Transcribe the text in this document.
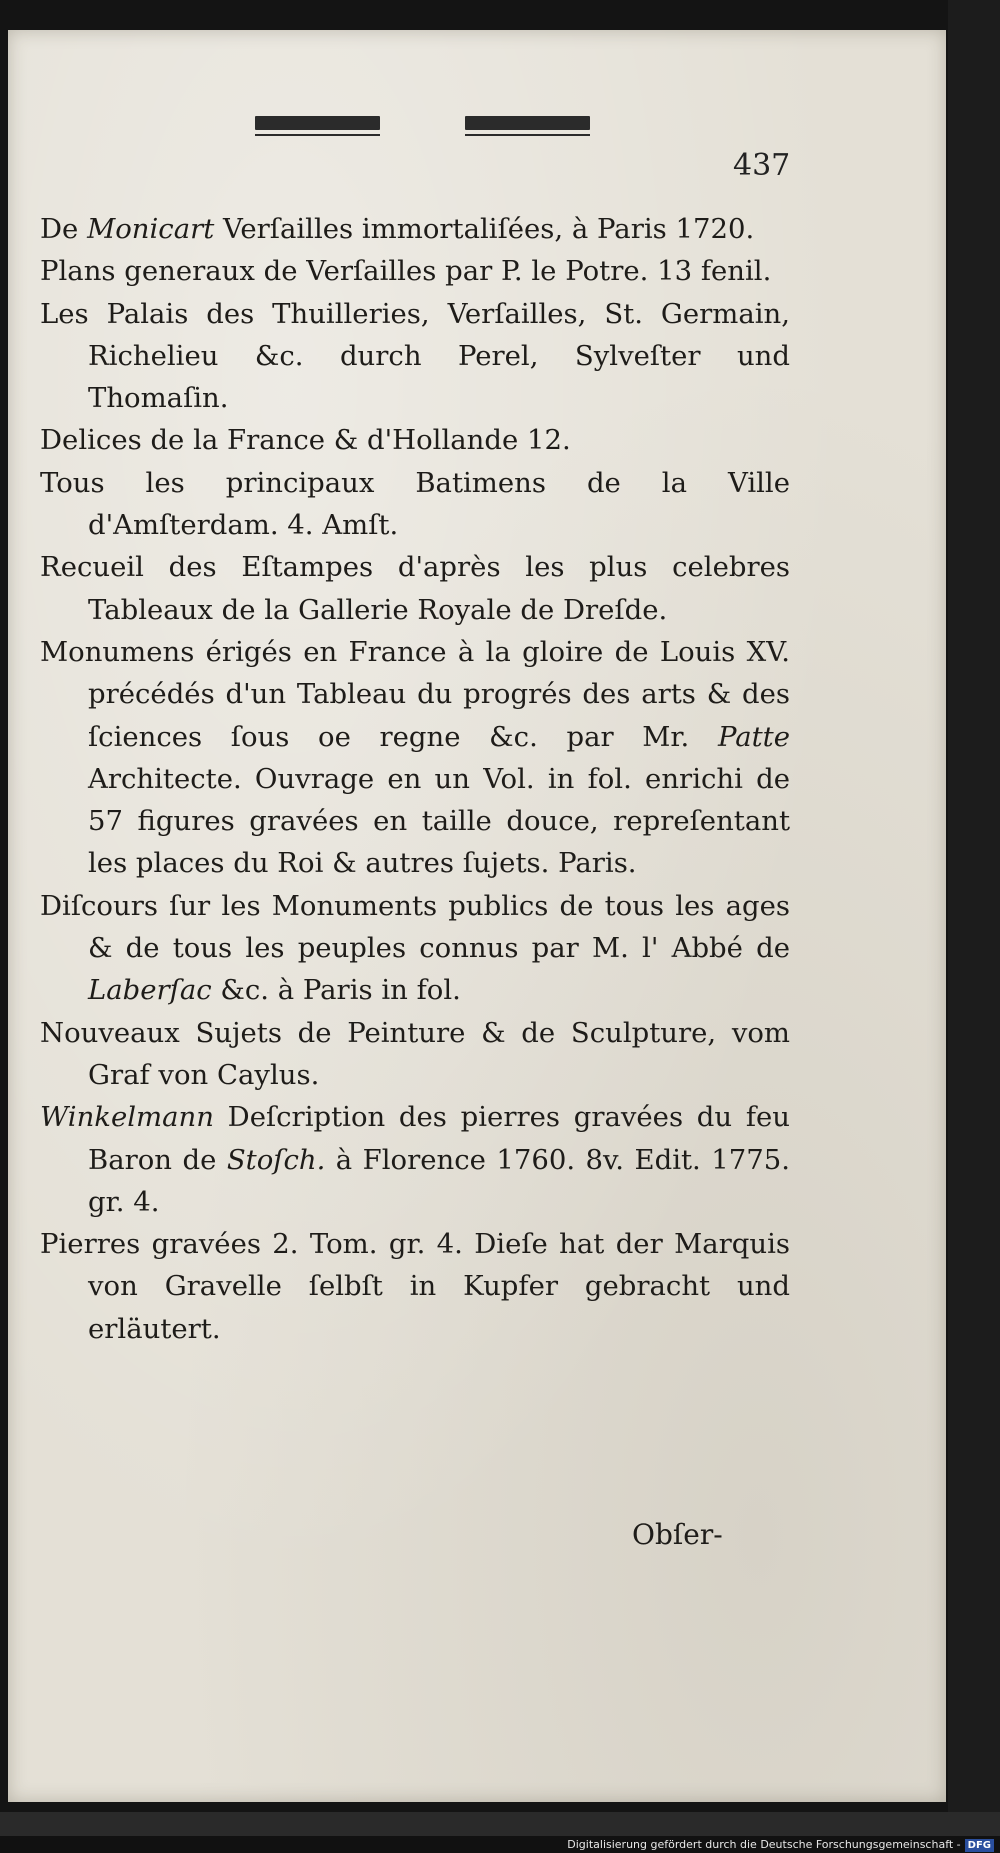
437

De Monicart Verſailles immortaliſées, à Paris 1720.

Plans generaux de Verſailles par P. le Potre. 13 fenil.

Les Palais des Thuilleries, Verſailles, St. Germain, Richelieu &c. durch Perel, Sylveſter und Thomaſin.

Delices de la France & d'Hollande 12.

Tous les principaux Batimens de la Ville d'Amſterdam. 4. Amſt.

Recueil des Eſtampes d'après les plus celebres Tableaux de la Gallerie Royale de Dreſde.

Monumens érigés en France à la gloire de Louis XV. précédés d'un Tableau du progrés des arts & des ſciences ſous oe regne &c. par Mr. Patte Architecte. Ouvrage en un Vol. in fol. enrichi de 57 figures gravées en taille douce, repreſentant les places du Roi & autres ſujets. Paris.

Diſcours ſur les Monuments publics de tous les ages & de tous les peuples connus par M. l' Abbé de Laberſac &c. à Paris in fol.

Nouveaux Sujets de Peinture & de Sculpture, vom Graf von Caylus.

Winkelmann Deſcription des pierres gravées du feu Baron de Stoſch. à Florence 1760. 8v. Edit. 1775. gr. 4.

Pierres gravées 2. Tom. gr. 4. Dieſe hat der Marquis von Gravelle ſelbſt in Kupfer gebracht und erläutert.

Obſer-
Digitalisierung gefördert durch die Deutsche Forschungsgemeinschaft - DFG
